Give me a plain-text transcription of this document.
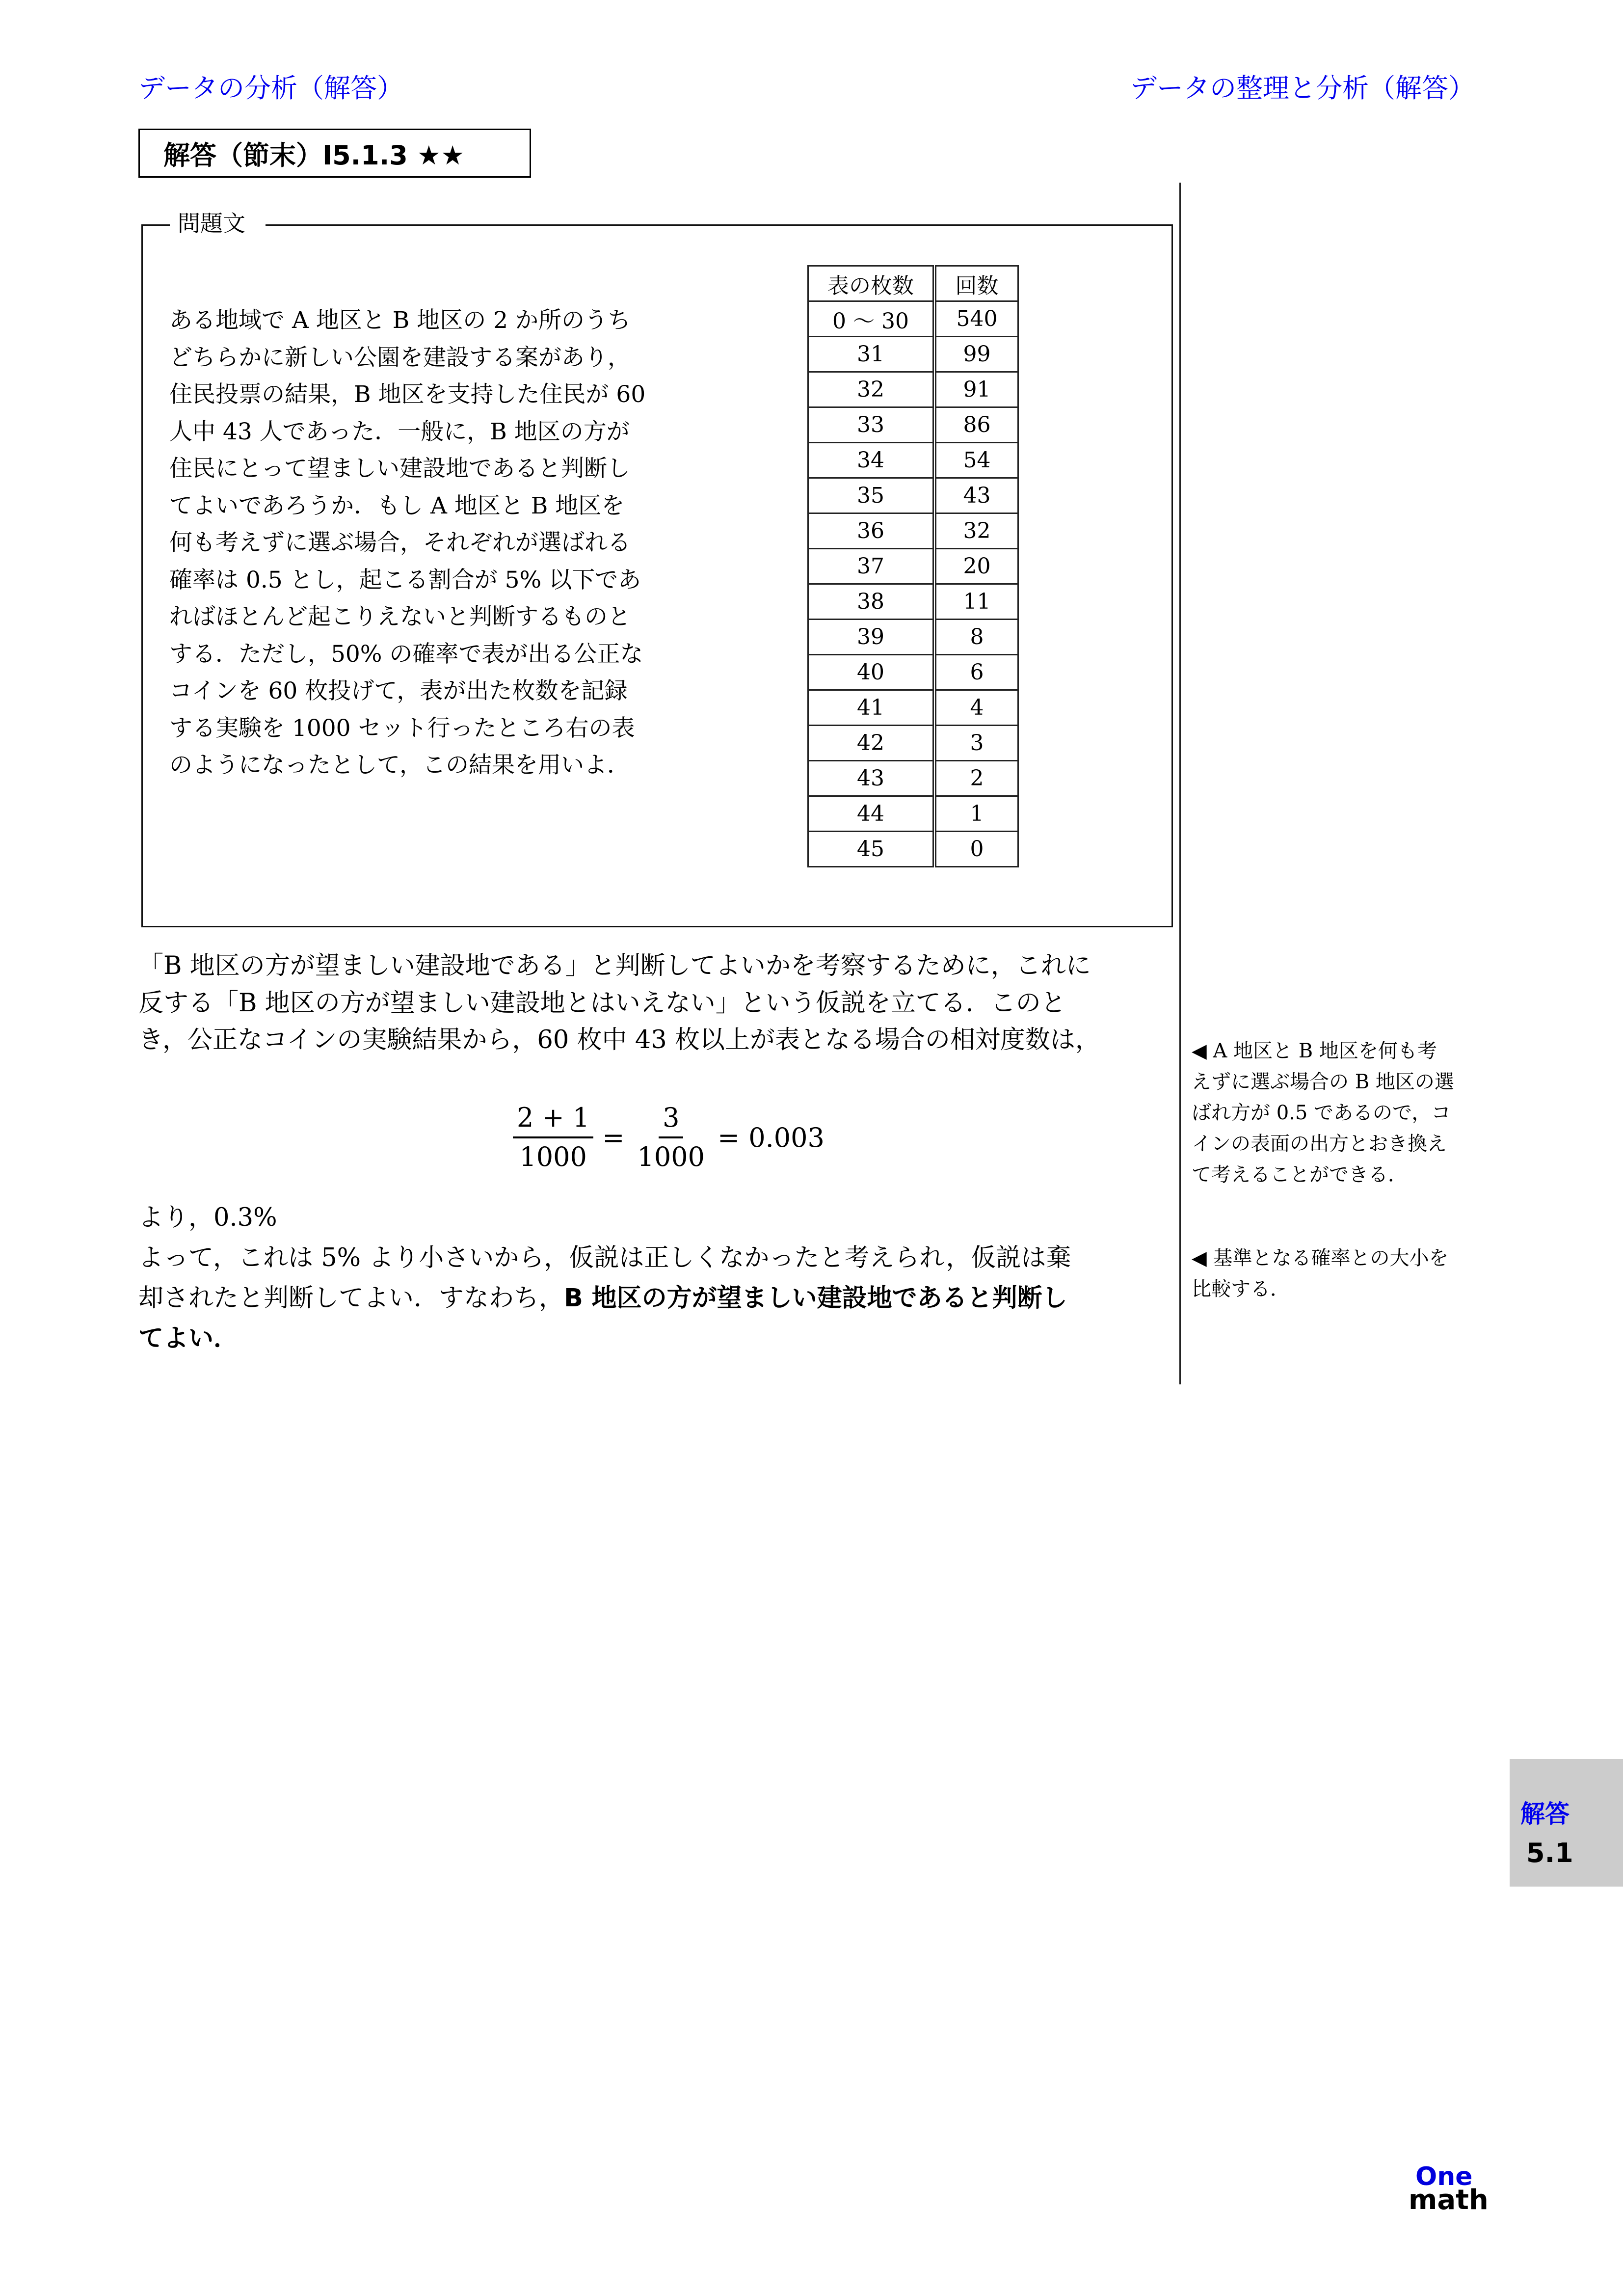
データの分析（解答）	データの整理と分析（解答）
解答（節末）I5.1.3 ★★
問題文

ある地域で A 地区と B 地区の 2 か所のうち

どちらかに新しい公園を建設する案があり，

住民投票の結果，B 地区を支持した住民が 60

人中 43 人であった．一般に，B 地区の方が

住民にとって望ましい建設地であると判断し

てよいであろうか．もし A 地区と B 地区を

何も考えずに選ぶ場合，それぞれが選ばれる

確率は 0.5 とし，起こる割合が 5% 以下であ

ればほとんど起こりえないと判断するものと

する．ただし，50% の確率で表が出る公正な

コインを 60 枚投げて，表が出た枚数を記録

する実験を 1000 セット行ったところ右の表

のようになったとして，この結果を用いよ．

表の枚数	回数
0 ～ 30	540
31	99
32	91
33	86
34	54
35	43
36	32
37	20
38	11
39	8
40	6
41	4
42	3
43	2
44	1
45	0

「B 地区の方が望ましい建設地である」と判断してよいかを考察するために，これに

反する「B 地区の方が望ましい建設地とはいえない」という仮説を立てる．このと

き，公正なコインの実験結果から，60 枚中 43 枚以上が表となる場合の相対度数は，

$\frac{2 + 1}{1000} = \frac{3}{1000} = 0.003$

より，0.3%

よって，これは 5% より小さいから，仮説は正しくなかったと考えられ，仮説は棄

却されたと判断してよい．すなわち，B 地区の方が望ましい建設地であると判断し

てよい．

◀ A 地区と B 地区を何も考

えずに選ぶ場合の B 地区の選

ばれ方が 0.5 であるので，コ

インの表面の出方とおき換え

て考えることができる．

◀ 基準となる確率との大小を

比較する．

解答
5.1
One
math
